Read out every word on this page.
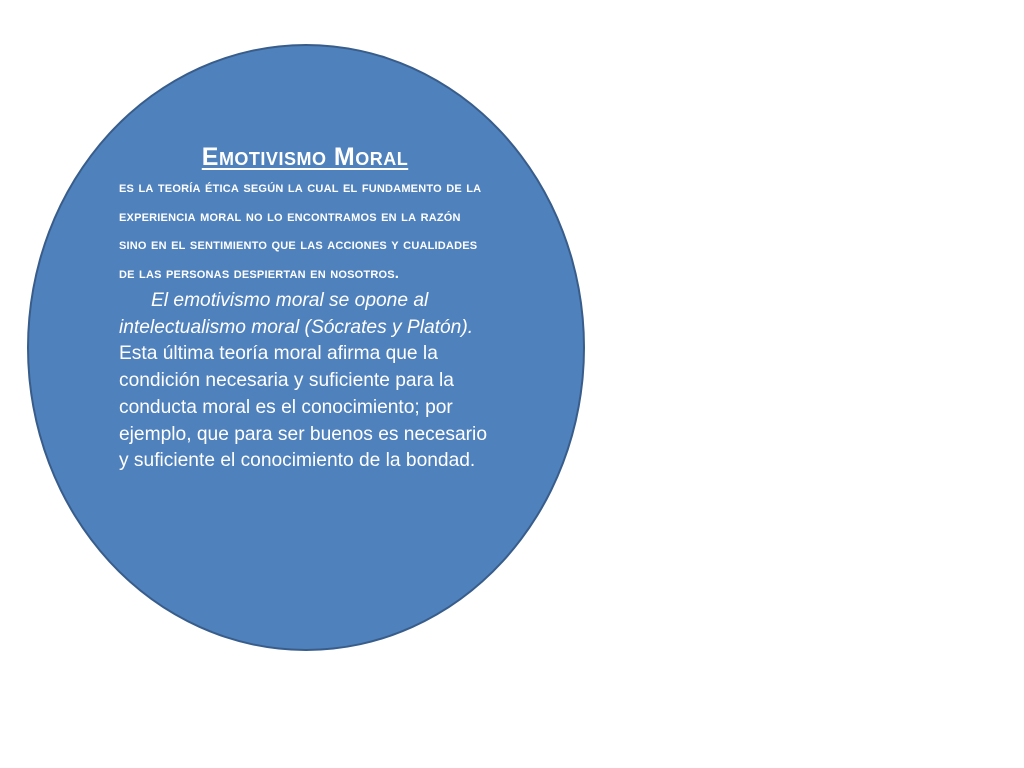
Emotivismo Moral

es la teoría ética según la cual el fundamento de la experiencia moral no lo encontramos en la razón sino en el sentimiento que las acciones y cualidades de las personas despiertan en nosotros.

El emotivismo moral se opone al intelectualismo moral (Sócrates y Platón). Esta última teoría moral afirma que la condición necesaria y suficiente para la conducta moral es el conocimiento; por ejemplo, que para ser buenos es necesario y suficiente el conocimiento de la bondad.
